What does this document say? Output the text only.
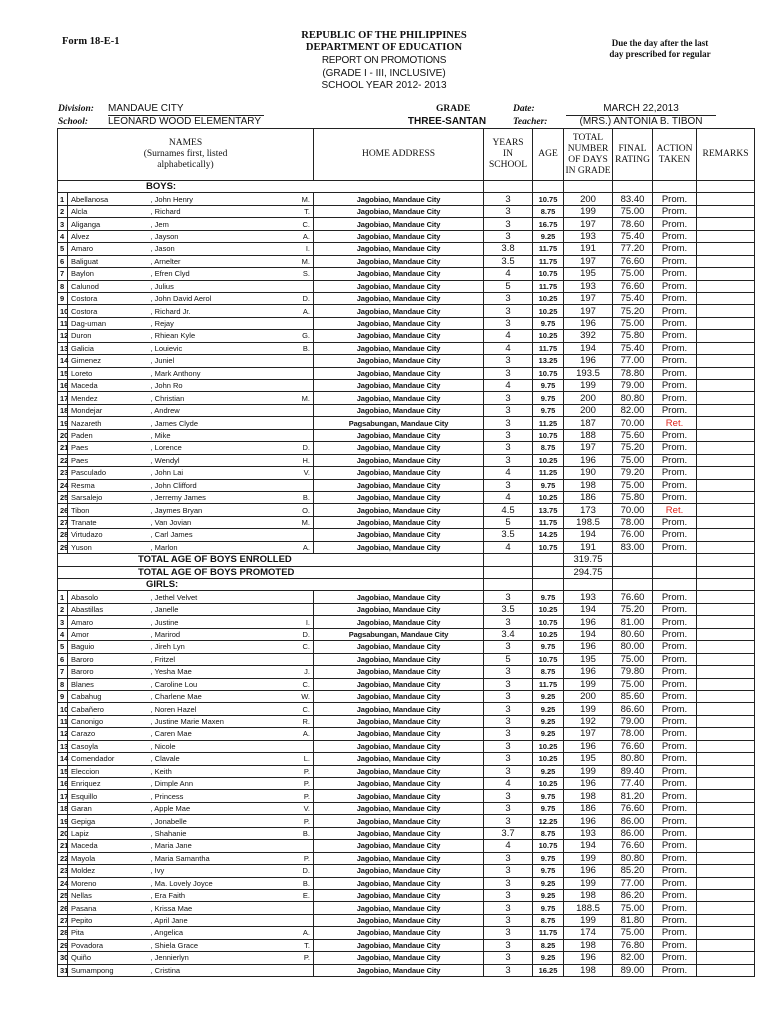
Form 18-E-1
REPUBLIC OF THE PHILIPPINES
DEPARTMENT OF EDUCATION
REPORT ON PROMOTIONS
(GRADE I - III, INCLUSIVE)
SCHOOL YEAR 2012- 2013
Due the day after the last
day prescribed for regular
Division: MANDAUE CITY
School: LEONARD WOOD ELEMENTARY
GRADE
THREE-SANTAN
Date:	MARCH 22,2013
Teacher:	(MRS.) ANTONIA B. TIBON
NAMES
(Surnames first, listed
alphabetically)				HOME ADDRESS	YEARS
IN
SCHOOL	AGE	TOTAL
NUMBER
OF DAYS
IN GRADE	FINAL
RATING	ACTION
TAKEN	REMARKS
BOYS:										
1	Abellanosa	, John Henry	M.	Jagobiao, Mandaue City	3	10.75	200	83.40	Prom.	
2	Alcla	, Richard	T.	Jagobiao, Mandaue City	3	8.75	199	75.00	Prom.	
3	Aliganga	, Jem	C.	Jagobiao, Mandaue City	3	16.75	197	78.60	Prom.	
4	Alvez	, Jayson	A.	Jagobiao, Mandaue City	3	9.25	193	75.40	Prom.	
5	Amaro	, Jason	I.	Jagobiao, Mandaue City	3.8	11.75	191	77.20	Prom.	
6	Baliguat	, Arnelter	M.	Jagobiao, Mandaue City	3.5	11.75	197	76.60	Prom.	
7	Baylon	, Efren Clyd	S.	Jagobiao, Mandaue City	4	10.75	195	75.00	Prom.	
8	Calunod	, Julius		Jagobiao, Mandaue City	5	11.75	193	76.60	Prom.	
9	Costora	, John David Aerol	D.	Jagobiao, Mandaue City	3	10.25	197	75.40	Prom.	
10	Costora	, Richard Jr.	A.	Jagobiao, Mandaue City	3	10.25	197	75.20	Prom.	
11	Dag-uman	, Rejay		Jagobiao, Mandaue City	3	9.75	196	75.00	Prom.	
12	Duron	, Rhiean Kyle	G.	Jagobiao, Mandaue City	4	10.25	392	75.80	Prom.	
13	Galicia	, Louievic	B.	Jagobiao, Mandaue City	4	11.75	194	75.40	Prom.	
14	Gimenez	, Juniel		Jagobiao, Mandaue City	3	13.25	196	77.00	Prom.	
15	Loreto	, Mark Anthony		Jagobiao, Mandaue City	3	10.75	193.5	78.80	Prom.	
16	Maceda	, John Ro		Jagobiao, Mandaue City	4	9.75	199	79.00	Prom.	
17	Mendez	, Christian	M.	Jagobiao, Mandaue City	3	9.75	200	80.80	Prom.	
18	Mondejar	, Andrew		Jagobiao, Mandaue City	3	9.75	200	82.00	Prom.	
19	Nazareth	, James Clyde		Pagsabungan, Mandaue City	3	11.25	187	70.00	Ret.	
20	Paden	, Mike		Jagobiao, Mandaue City	3	10.75	188	75.60	Prom.	
21	Paes	, Lorence	D.	Jagobiao, Mandaue City	3	8.75	197	75.20	Prom.	
22	Paes	, Wendyl	H.	Jagobiao, Mandaue City	3	10.25	196	75.00	Prom.	
23	Pasculado	, John Lai	V.	Jagobiao, Mandaue City	4	11.25	190	79.20	Prom.	
24	Resma	, John Clifford		Jagobiao, Mandaue City	3	9.75	198	75.00	Prom.	
25	Sarsalejo	, Jerremy James	B.	Jagobiao, Mandaue City	4	10.25	186	75.80	Prom.	
26	Tibon	, Jaymes Bryan	O.	Jagobiao, Mandaue City	4.5	13.75	173	70.00	Ret.	
27	Tranate	, Van Jovian	M.	Jagobiao, Mandaue City	5	11.75	198.5	78.00	Prom.	
28	Virtudazo	, Carl James		Jagobiao, Mandaue City	3.5	14.25	194	76.00	Prom.	
29	Yuson	, Marlon	A.	Jagobiao, Mandaue City	4	10.75	191	83.00	Prom.	
TOTAL AGE OF BOYS ENROLLED							319.75			
TOTAL AGE OF BOYS PROMOTED							294.75			
GIRLS:										
1	Abasolo	, Jethel Velvet		Jagobiao, Mandaue City	3	9.75	193	76.60	Prom.	
2	Abastillas	, Janelle		Jagobiao, Mandaue City	3.5	10.25	194	75.20	Prom.	
3	Amaro	, Justine	I.	Jagobiao, Mandaue City	3	10.75	196	81.00	Prom.	
4	Amor	, Marirod	D.	Pagsabungan, Mandaue City	3.4	10.25	194	80.60	Prom.	
5	Baguio	, Jireh Lyn	C.	Jagobiao, Mandaue City	3	9.75	196	80.00	Prom.	
6	Baroro	, Fritzel		Jagobiao, Mandaue City	5	10.75	195	75.00	Prom.	
7	Baroro	, Yesha Mae	J.	Jagobiao, Mandaue City	3	8.75	196	79.80	Prom.	
8	Blanes	, Caroline Lou	C.	Jagobiao, Mandaue City	3	11.75	199	75.00	Prom.	
9	Cabahug	, Charlene Mae	W.	Jagobiao, Mandaue City	3	9.25	200	85.60	Prom.	
10	Cabañero	, Noren Hazel	C.	Jagobiao, Mandaue City	3	9.25	199	86.60	Prom.	
11	Canonigo	, Justine Marie Maxen	R.	Jagobiao, Mandaue City	3	9.25	192	79.00	Prom.	
12	Carazo	, Caren Mae	A.	Jagobiao, Mandaue City	3	9.25	197	78.00	Prom.	
13	Casoyla	, Nicole		Jagobiao, Mandaue City	3	10.25	196	76.60	Prom.	
14	Comendador	, Clavale	L.	Jagobiao, Mandaue City	3	10.25	195	80.80	Prom.	
15	Eleccion	, Keith	P.	Jagobiao, Mandaue City	3	9.25	199	89.40	Prom.	
16	Enriquez	, Dimple Ann	P.	Jagobiao, Mandaue City	4	10.25	196	77.40	Prom.	
17	Esquillo	, Princess	P.	Jagobiao, Mandaue City	3	9.75	198	81.20	Prom.	
18	Garan	, Apple Mae	V.	Jagobiao, Mandaue City	3	9.75	186	76.60	Prom.	
19	Gepiga	, Jonabelle	P.	Jagobiao, Mandaue City	3	12.25	196	86.00	Prom.	
20	Lapiz	, Shahanie	B.	Jagobiao, Mandaue City	3.7	8.75	193	86.00	Prom.	
21	Maceda	, Maria Jane		Jagobiao, Mandaue City	4	10.75	194	76.60	Prom.	
22	Mayola	, Maria Samantha	P.	Jagobiao, Mandaue City	3	9.75	199	80.80	Prom.	
23	Moldez	, Ivy	D.	Jagobiao, Mandaue City	3	9.75	196	85.20	Prom.	
24	Moreno	, Ma. Lovely Joyce	B.	Jagobiao, Mandaue City	3	9.25	199	77.00	Prom.	
25	Nellas	, Era Faith	E.	Jagobiao, Mandaue City	3	9.25	198	86.20	Prom.	
26	Pasana	, Krissa Mae		Jagobiao, Mandaue City	3	9.75	188.5	75.00	Prom.	
27	Pepito	, April Jane		Jagobiao, Mandaue City	3	8.75	199	81.80	Prom.	
28	Pita	, Angelica	A.	Jagobiao, Mandaue City	3	11.75	174	75.00	Prom.	
29	Povadora	, Shiela Grace	T.	Jagobiao, Mandaue City	3	8.25	198	76.80	Prom.	
30	Quiño	, Jennierlyn	P.	Jagobiao, Mandaue City	3	9.25	196	82.00	Prom.	
31	Sumampong	, Cristina		Jagobiao, Mandaue City	3	16.25	198	89.00	Prom.	
